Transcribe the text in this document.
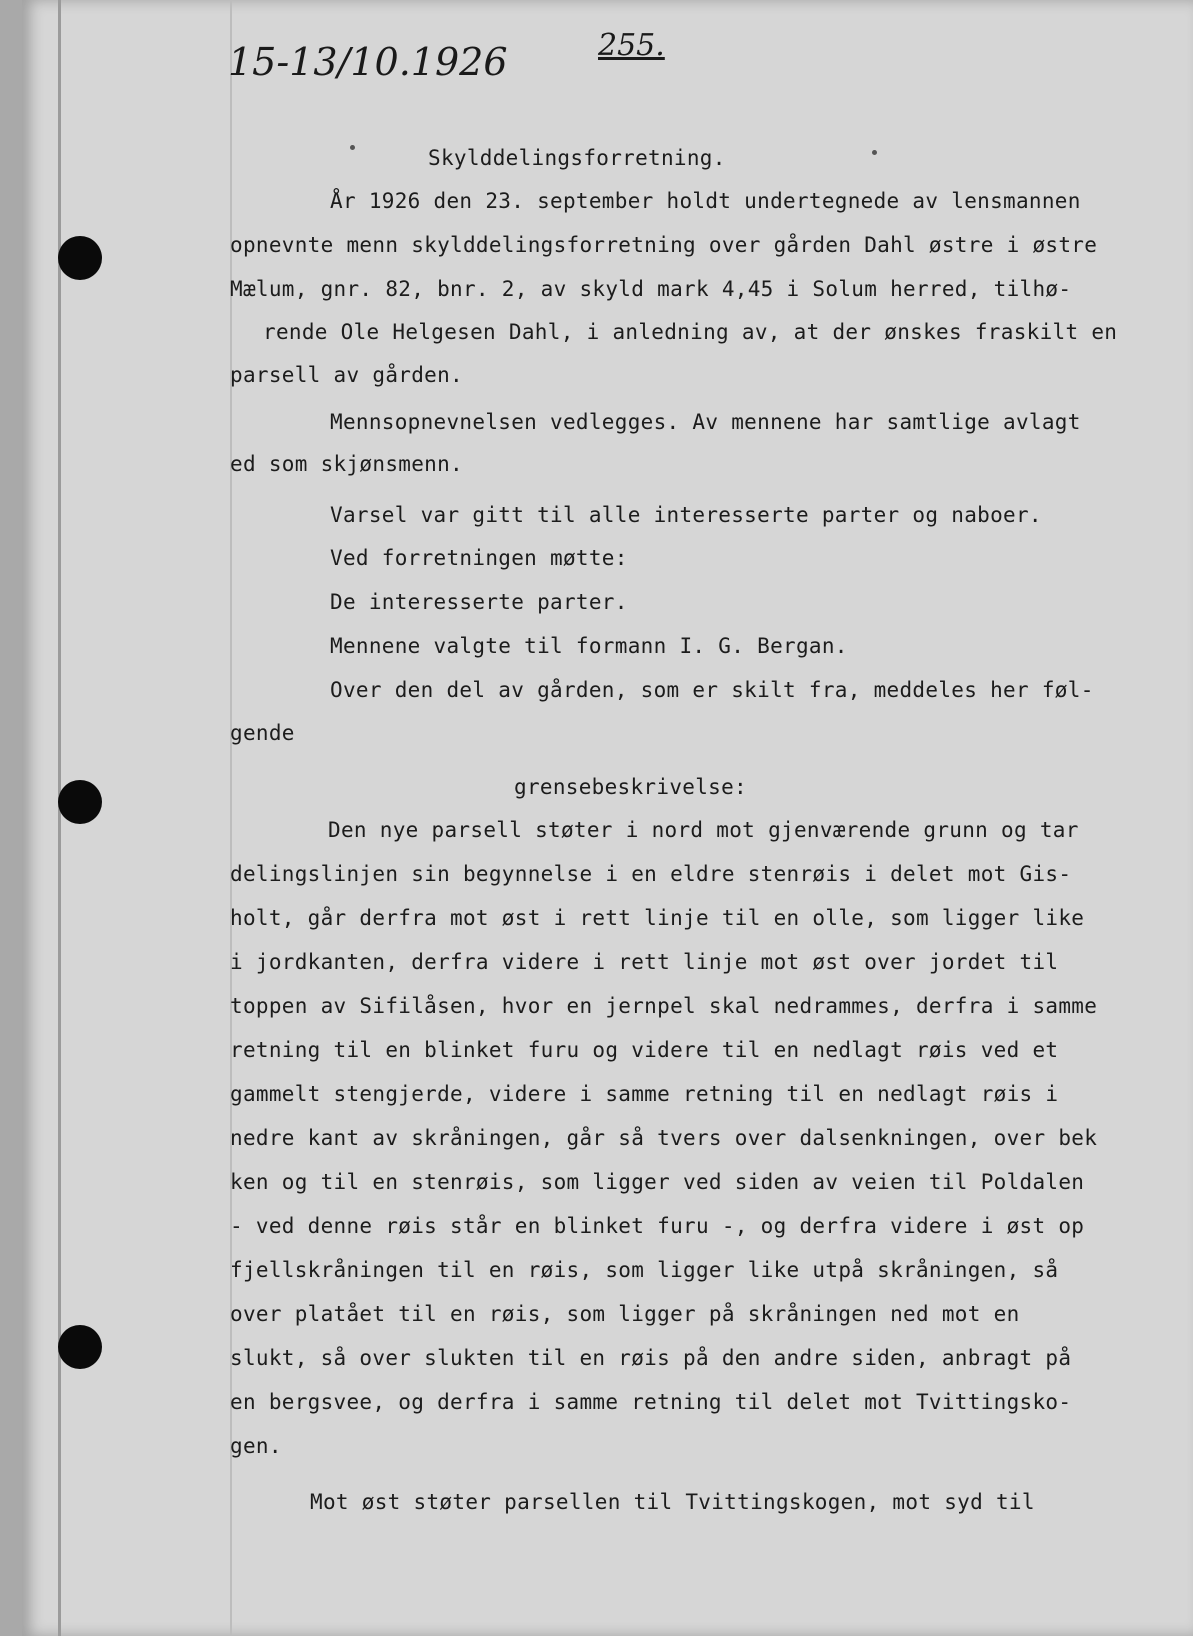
255.
15-13/10.1926
Skylddelingsforretning.
År 1926 den 23. september holdt undertegnede av lensmannen
opnevnte menn skylddelingsforretning over gården Dahl østre i østre
Mælum, gnr. 82, bnr. 2, av skyld mark 4,45 i Solum herred, tilhø-
rende Ole Helgesen Dahl, i anledning av, at der ønskes fraskilt en
parsell av gården.
Mennsopnevnelsen vedlegges. Av mennene har samtlige avlagt
ed som skjønsmenn.
Varsel var gitt til alle interesserte parter og naboer.
Ved forretningen møtte:
De interesserte parter.
Mennene valgte til formann I. G. Bergan.
Over den del av gården, som er skilt fra, meddeles her føl-
gende
grensebeskrivelse:
Den nye parsell støter i nord mot gjenværende grunn og tar
delingslinjen sin begynnelse i en eldre stenrøis i delet mot Gis-
holt, går derfra mot øst i rett linje til en olle, som ligger like
i jordkanten, derfra videre i rett linje mot øst over jordet til
toppen av Sifilåsen, hvor en jernpel skal nedrammes, derfra i samme
retning til en blinket furu og videre til en nedlagt røis ved et
gammelt stengjerde, videre i samme retning til en nedlagt røis i
nedre kant av skråningen, går så tvers over dalsenkningen, over bek
ken og til en stenrøis, som ligger ved siden av veien til Poldalen
- ved denne røis står en blinket furu -, og derfra videre i øst op
fjellskråningen til en røis, som ligger like utpå skråningen, så
over platået til en røis, som ligger på skråningen ned mot en
slukt, så over slukten til en røis på den andre siden, anbragt på
en bergsvee, og derfra i samme retning til delet mot Tvittingsko-
gen.
Mot øst støter parsellen til Tvittingskogen, mot syd til
